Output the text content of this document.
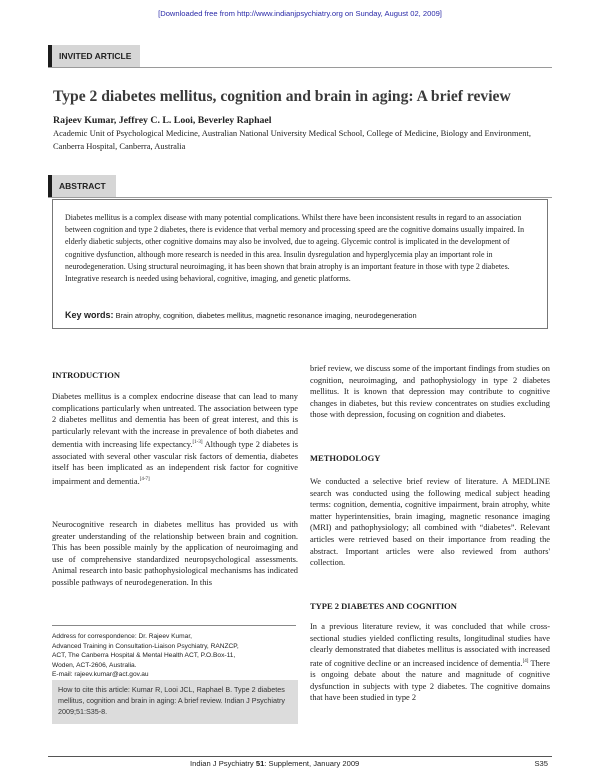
[Downloaded free from http://www.indianjpsychiatry.org on Sunday, August 02, 2009]
INVITED ARTICLE
Type 2 diabetes mellitus, cognition and brain in aging: A brief review
Rajeev Kumar, Jeffrey C. L. Looi, Beverley Raphael
Academic Unit of Psychological Medicine, Australian National University Medical School, College of Medicine, Biology and Environment, Canberra Hospital, Canberra, Australia
ABSTRACT
Diabetes mellitus is a complex disease with many potential complications. Whilst there have been inconsistent results in regard to an association between cognition and type 2 diabetes, there is evidence that verbal memory and processing speed are the cognitive domains usually impaired. In elderly diabetic subjects, other cognitive domains may also be involved, due to ageing. Glycemic control is implicated in the development of cognitive dysfunction, although more research is needed in this area. Insulin dysregulation and hyperglycemia play an important role in neurodegeneration. Using structural neuroimaging, it has been shown that brain atrophy is an important feature in those with type 2 diabetes. Integrative research is needed using behavioral, cognitive, imaging, and genetic platforms.
Key words: Brain atrophy, cognition, diabetes mellitus, magnetic resonance imaging, neurodegeneration
INTRODUCTION
Diabetes mellitus is a complex endocrine disease that can lead to many complications particularly when untreated. The association between type 2 diabetes mellitus and dementia has been of great interest, and this is particularly relevant with the increase in prevalence of both diabetes and dementia with increasing life expectancy.[1-3] Although type 2 diabetes is associated with several other vascular risk factors of dementia, diabetes itself has been implicated as an independent risk factor for cognitive impairment and dementia.[4-7]
Neurocognitive research in diabetes mellitus has provided us with greater understanding of the relationship between brain and cognition. This has been possible mainly by the application of neuroimaging and use of comprehensive standardized neuropsychological assessments. Animal research into basic pathophysiological mechanisms has indicated possible pathways of neurodegeneration. In this
brief review, we discuss some of the important findings from studies on cognition, neuroimaging, and pathophysiology in type 2 diabetes mellitus. It is known that depression may contribute to cognitive changes in diabetes, but this review concentrates on studies excluding those with depression, focusing on cognition and diabetes.
METHODOLOGY
We conducted a selective brief review of literature. A MEDLINE search was conducted using the following medical subject heading terms: cognition, dementia, cognitive impairment, brain atrophy, white matter hyperintensities, brain imaging, magnetic resonance imaging (MRI) and pathophysiology; all combined with “diabetes”. Relevant articles were retrieved based on their importance from reading the abstract. Important articles were also reviewed from authors' collection.
TYPE 2 DIABETES AND COGNITION
In a previous literature review, it was concluded that while cross-sectional studies yielded conflicting results, longitudinal studies have clearly demonstrated that diabetes mellitus is associated with increased rate of cognitive decline or an increased incidence of dementia.[4] There is ongoing debate about the nature and magnitude of cognitive dysfunction in subjects with type 2 diabetes. The cognitive domains that have been studied in type 2
Address for correspondence: Dr. Rajeev Kumar,
Advanced Training in Consultation-Liaison Psychiatry, RANZCP,
ACT, The Canberra Hospital & Mental Health ACT, P.O.Box-11,
Woden, ACT-2606, Australia.
E-mail: rajeev.kumar@act.gov.au
How to cite this article: Kumar R, Looi JCL, Raphael B. Type 2 diabetes mellitus, cognition and brain in aging: A brief review. Indian J Psychiatry 2009;51:S35-8.
Indian J Psychiatry 51: Supplement, January 2009	S35
